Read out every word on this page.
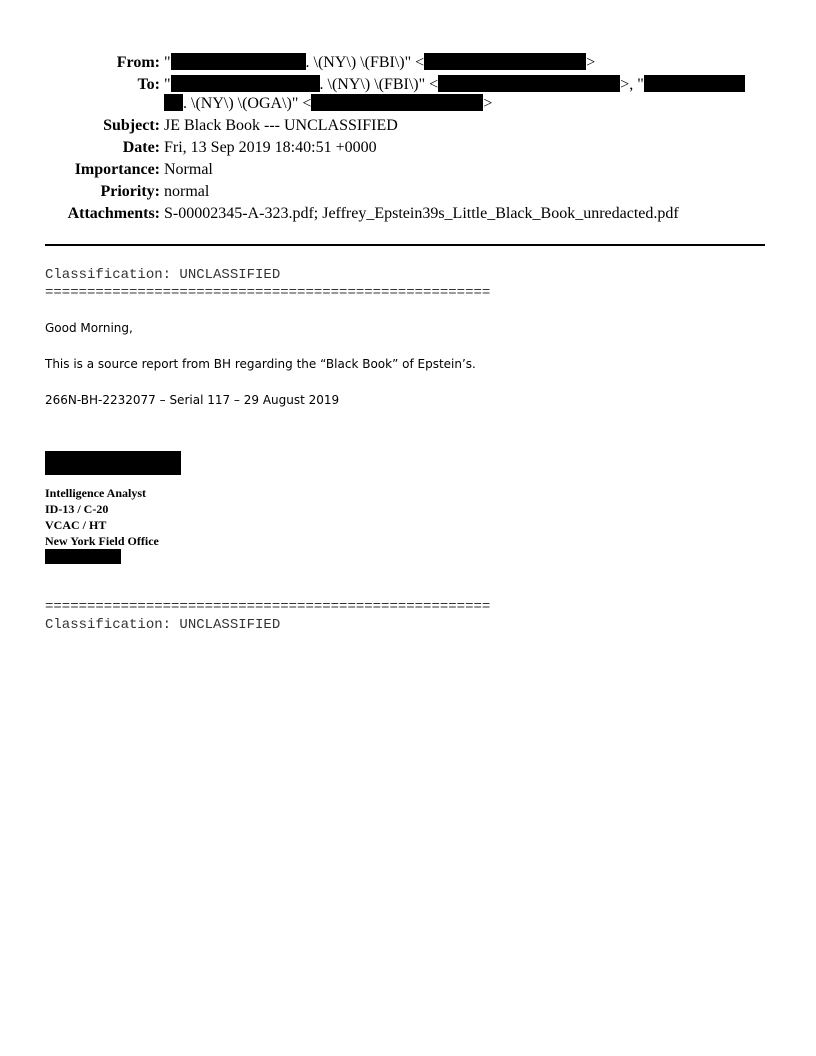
From: "	. \(NY\) \(FBI\)" <	>
To: "	. \(NY\) \(FBI\)" <	>, "
. \(NY\) \(OGA\)" <	>
Subject: JE Black Book --- UNCLASSIFIED
Date: Fri, 13 Sep 2019 18:40:51 +0000
Importance: Normal
Priority: normal
Attachments: S-00002345-A-323.pdf; Jeffrey_Epstein39s_Little_Black_Book_unredacted.pdf
Classification: UNCLASSIFIED
=====================================================
Good Morning,
This is a source report from BH regarding the “Black Book” of Epstein’s.
266N-BH-2232077 – Serial 117 – 29 August 2019
Intelligence Analyst
ID-13 / C-20
VCAC / HT
New York Field Office
=====================================================
Classification: UNCLASSIFIED
